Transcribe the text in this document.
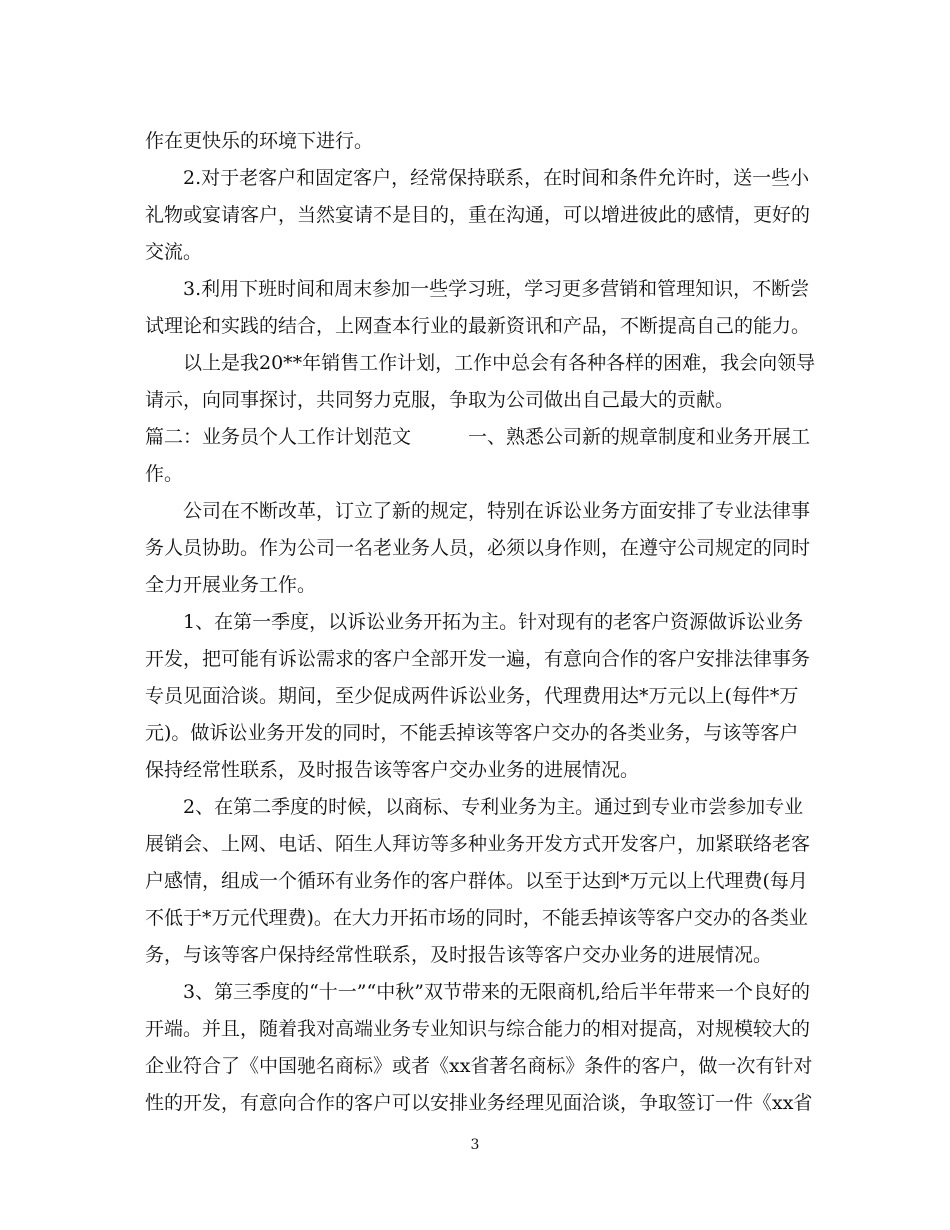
作在更快乐的环境下进行。
　　2.对于老客户和固定客户，经常保持联系，在时间和条件允许时，送一些小
礼物或宴请客户，当然宴请不是目的，重在沟通，可以增进彼此的感情，更好的
交流。
　　3.利用下班时间和周末参加一些学习班，学习更多营销和管理知识，不断尝
试理论和实践的结合，上网查本行业的最新资讯和产品，不断提高自己的能力。
　　以上是我20**年销售工作计划，工作中总会有各种各样的困难，我会向领导
请示，向同事探讨，共同努力克服，争取为公司做出自己最大的贡献。
篇二：业务员个人工作计划范文　　　一、熟悉公司新的规章制度和业务开展工
作。
　　公司在不断改革，订立了新的规定，特别在诉讼业务方面安排了专业法律事
务人员协助。作为公司一名老业务人员，必须以身作则，在遵守公司规定的同时
全力开展业务工作。
　　1、在第一季度，以诉讼业务开拓为主。针对现有的老客户资源做诉讼业务
开发，把可能有诉讼需求的客户全部开发一遍，有意向合作的客户安排法律事务
专员见面洽谈。期间，至少促成两件诉讼业务，代理费用达*万元以上(每件*万
元)。做诉讼业务开发的同时，不能丢掉该等客户交办的各类业务，与该等客户
保持经常性联系，及时报告该等客户交办业务的进展情况。
　　2、在第二季度的时候，以商标、专利业务为主。通过到专业市尝参加专业
展销会、上网、电话、陌生人拜访等多种业务开发方式开发客户，加紧联络老客
户感情，组成一个循环有业务作的客户群体。以至于达到*万元以上代理费(每月
不低于*万元代理费)。在大力开拓市场的同时，不能丢掉该等客户交办的各类业
务，与该等客户保持经常性联系，及时报告该等客户交办业务的进展情况。
　　3、第三季度的“十一”“中秋”双节带来的无限商机,给后半年带来一个良好的
开端。并且，随着我对高端业务专业知识与综合能力的相对提高，对规模较大的
企业符合了《中国驰名商标》或者《xx省著名商标》条件的客户，做一次有针对
性的开发，有意向合作的客户可以安排业务经理见面洽谈，争取签订一件《xx省
3
